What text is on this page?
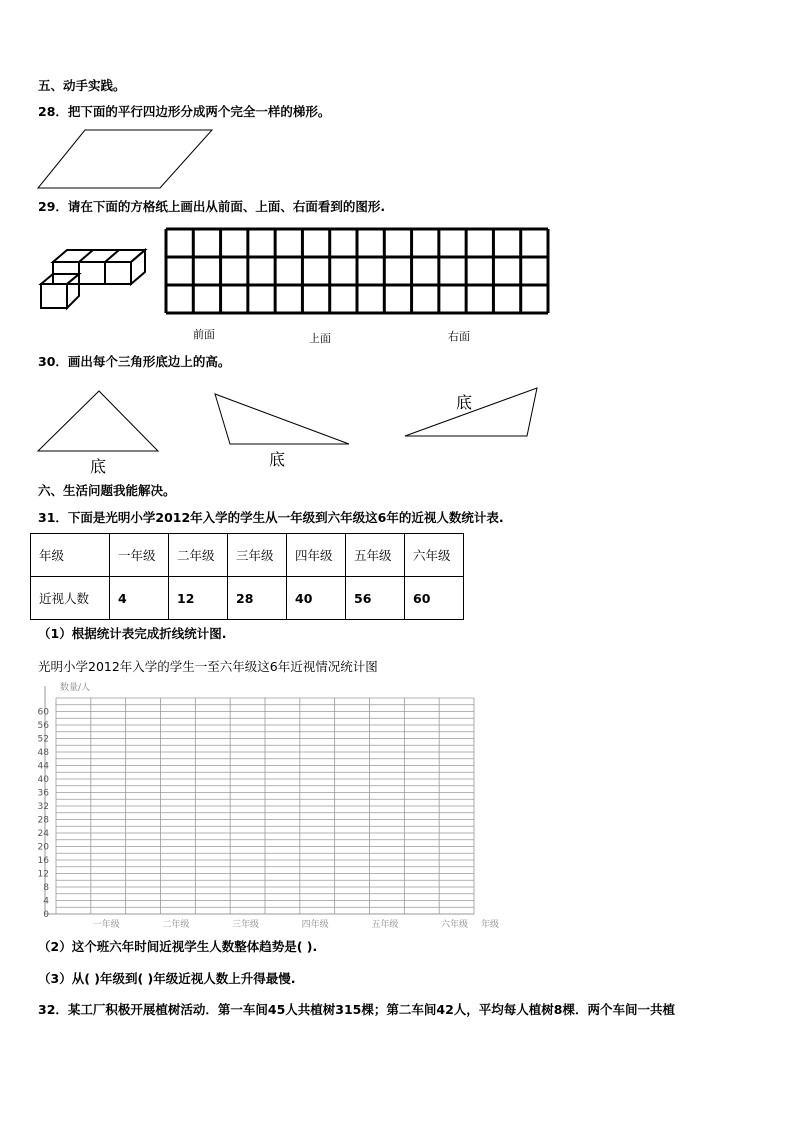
五、动手实践。
28．把下面的平行四边形分成两个完全一样的梯形。
29．请在下面的方格纸上画出从前面、上面、右面看到的图形.
前面	上面	右面
30．画出每个三角形底边上的高。
底	底
底
六、生活问题我能解决。
31．下面是光明小学2012年入学的学生从一年级到六年级这6年的近视人数统计表.
年级	一年级	二年级	三年级	四年级	五年级	六年级
近视人数	4	12	28	40	56	60
（1）根据统计表完成折线统计图.
光明小学2012年入学的学生一至六年级这6年近视情况统计图
0
4
8
12
16
20
24
28
32
36
40
44
48
52
56
60
数量/人
一年级	二年级	三年级	四年级	五年级	六年级 年级
（2）这个班六年时间近视学生人数整体趋势是( ).
（3）从( )年级到( )年级近视人数上升得最慢.
32．某工厂积极开展植树活动．第一车间45人共植树315棵；第二车间42人，平均每人植树8棵．两个车间一共植
